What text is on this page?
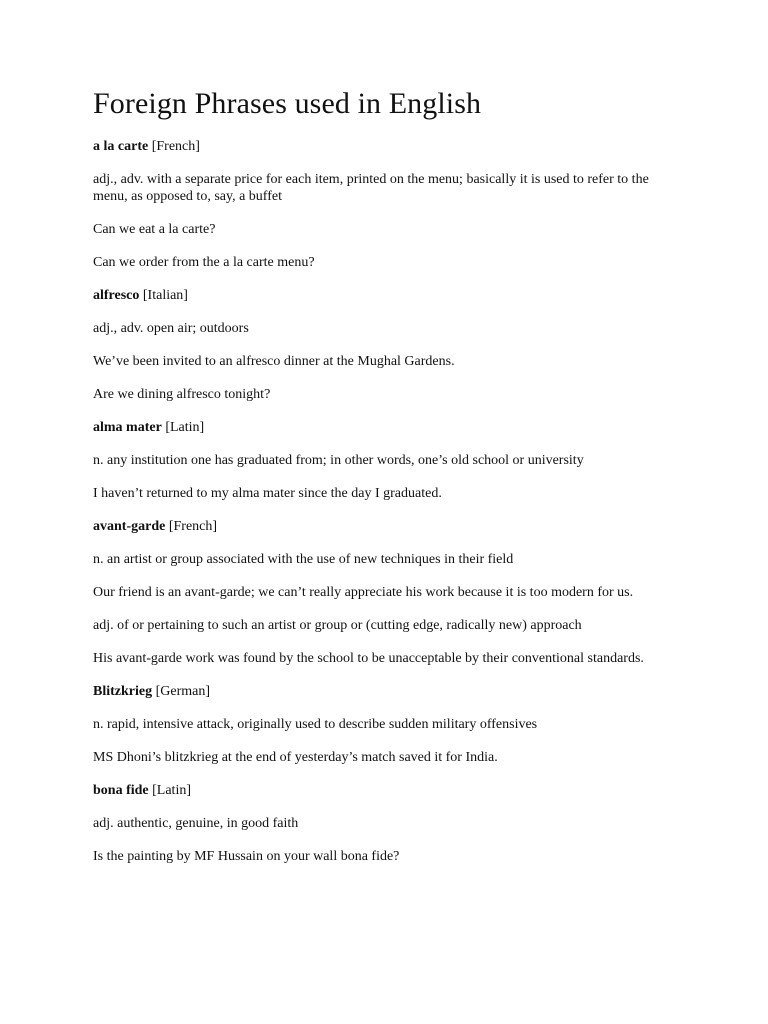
Foreign Phrases used in English

a la carte [French]

adj., adv. with a separate price for each item, printed on the menu; basically it is used to refer to the menu, as opposed to, say, a buffet

Can we eat a la carte?

Can we order from the a la carte menu?

alfresco [Italian]

adj., adv. open air; outdoors

We’ve been invited to an alfresco dinner at the Mughal Gardens.

Are we dining alfresco tonight?

alma mater [Latin]

n. any institution one has graduated from; in other words, one’s old school or university

I haven’t returned to my alma mater since the day I graduated.

avant-garde [French]

n. an artist or group associated with the use of new techniques in their field

Our friend is an avant-garde; we can’t really appreciate his work because it is too modern for us.

adj. of or pertaining to such an artist or group or (cutting edge, radically new) approach

His avant-garde work was found by the school to be unacceptable by their conventional standards.

Blitzkrieg [German]

n. rapid, intensive attack, originally used to describe sudden military offensives

MS Dhoni’s blitzkrieg at the end of yesterday’s match saved it for India.

bona fide [Latin]

adj. authentic, genuine, in good faith

Is the painting by MF Hussain on your wall bona fide?
